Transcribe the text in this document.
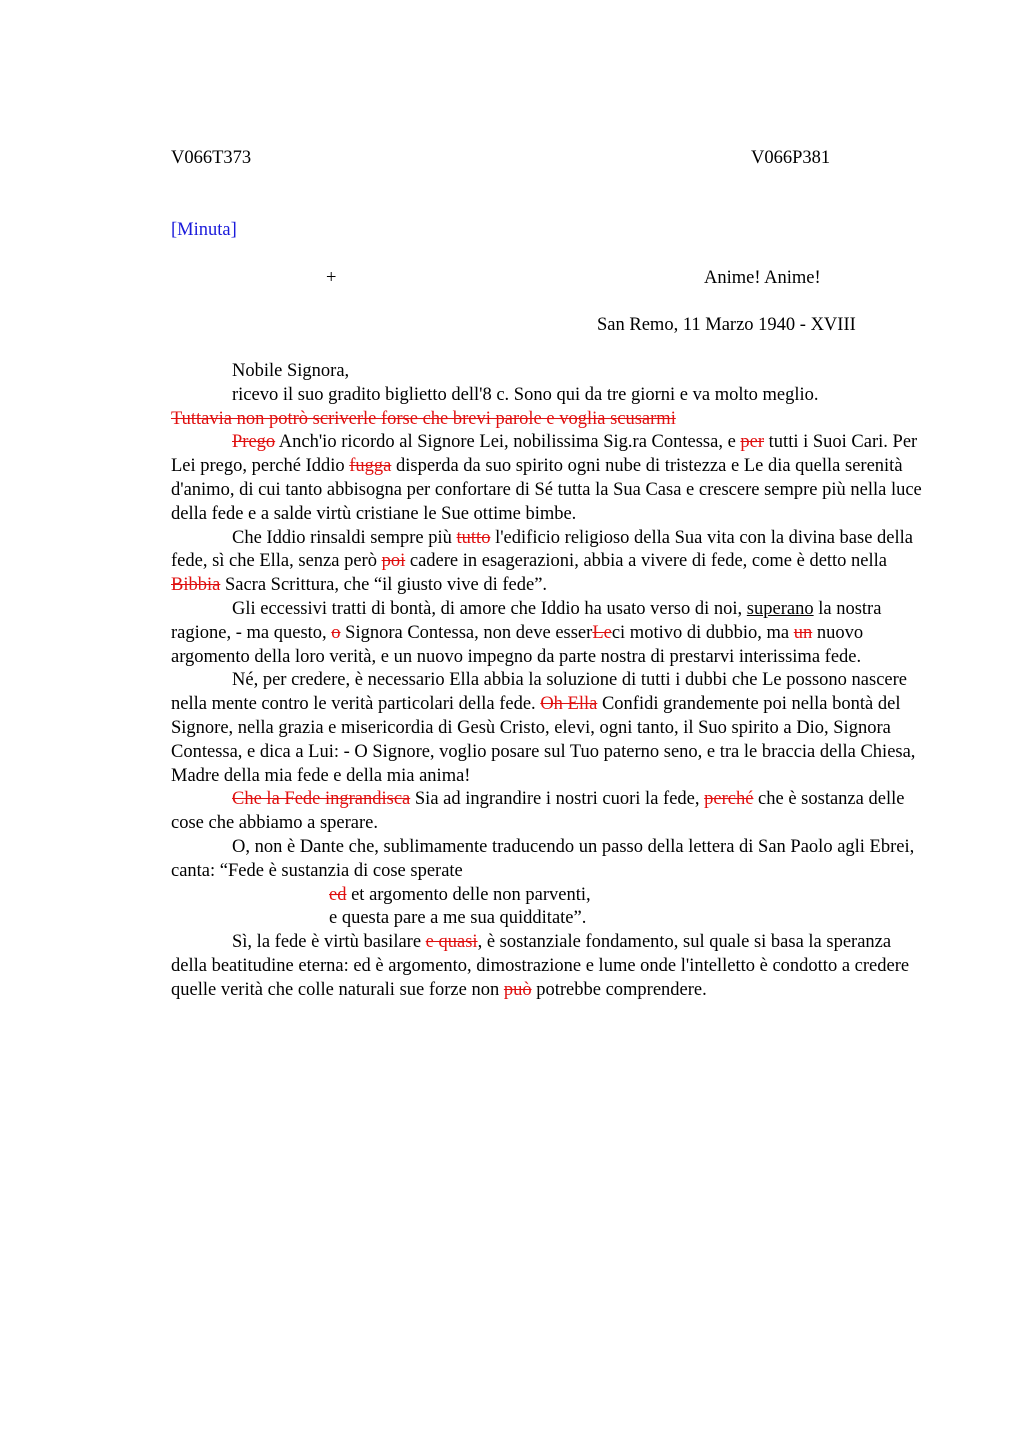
V066T373	V066P381
[Minuta]
+	Anime! Anime!
San Remo, 11 Marzo 1940 - XVIII

Nobile Signora,

ricevo il suo gradito biglietto dell'8 c. Sono qui da tre giorni e va molto meglio.

Tuttavia non potrò scriverle forse che brevi parole e voglia scusarmi

Prego Anch'io ricordo al Signore Lei, nobilissima Sig.ra Contessa, e per tutti i Suoi Cari. Per Lei prego, perché Iddio fugga disperda da suo spirito ogni nube di tristezza e Le dia quella serenità d'animo, di cui tanto abbisogna per confortare di Sé tutta la Sua Casa e crescere sempre più nella luce della fede e a salde virtù cristiane le Sue ottime bimbe.

Che Iddio rinsaldi sempre più tutto l'edificio religioso della Sua vita con la divina base della fede, sì che Ella, senza però poi cadere in esagerazioni, abbia a vivere di fede, come è detto nella Bibbia Sacra Scrittura, che “il giusto vive di fede”.

Gli eccessivi tratti di bontà, di amore che Iddio ha usato verso di noi, superano la nostra ragione, - ma questo, o Signora Contessa, non deve esserLeci motivo di dubbio, ma un nuovo argomento della loro verità, e un nuovo impegno da parte nostra di prestarvi interissima fede.

Né, per credere, è necessario Ella abbia la soluzione di tutti i dubbi che Le possono nascere nella mente contro le verità particolari della fede. Oh Ella Confidi grandemente poi nella bontà del Signore, nella grazia e misericordia di Gesù Cristo, elevi, ogni tanto, il Suo spirito a Dio, Signora Contessa, e dica a Lui: - O Signore, voglio posare sul Tuo paterno seno, e tra le braccia della Chiesa, Madre della mia fede e della mia anima!

Che la Fede ingrandisca Sia ad ingrandire i nostri cuori la fede, perché che è sostanza delle cose che abbiamo a sperare.

O, non è Dante che, sublimamente traducendo un passo della lettera di San Paolo agli Ebrei, canta: “Fede è sustanzia di cose sperate

ed et argomento delle non parventi,

e questa pare a me sua quidditate”.

Sì, la fede è virtù basilare e quasi, è sostanziale fondamento, sul quale si basa la speranza della beatitudine eterna: ed è argomento, dimostrazione e lume onde l'intelletto è condotto a credere quelle verità che colle naturali sue forze non può potrebbe comprendere.
